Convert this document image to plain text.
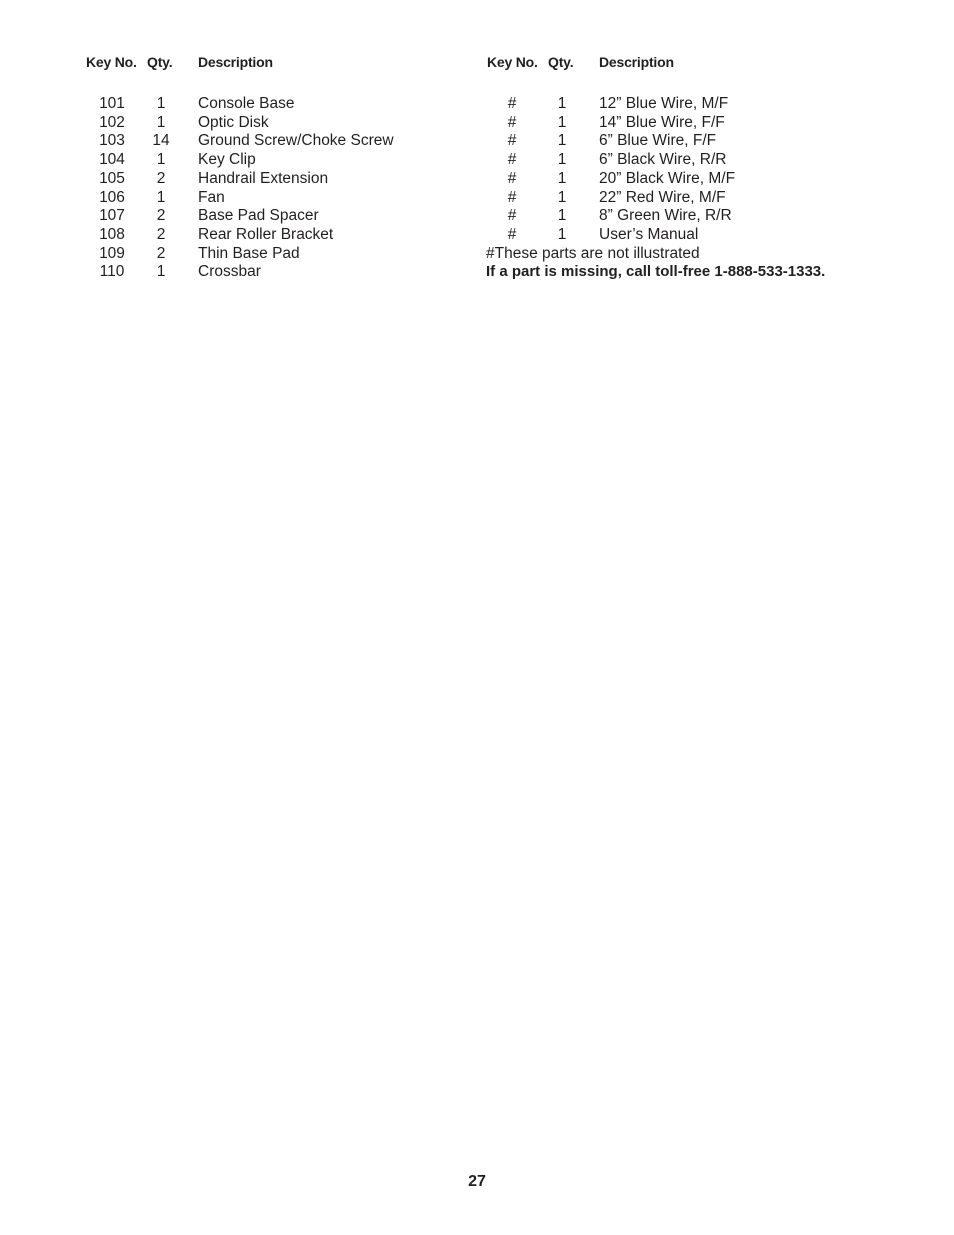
Key No. Qty. Description	Key No. Qty. Description
101	1	Console Base
102	1	Optic Disk
103	14 Ground Screw/Choke Screw
104	1	Key Clip
105	2	Handrail Extension
106	1	Fan
107	2	Base Pad Spacer
108	2	Rear Roller Bracket
109	2	Thin Base Pad
110	1	Crossbar
#	1	12” Blue Wire, M/F
#	1	14” Blue Wire, F/F
#	1	6” Blue Wire, F/F
#	1	6” Black Wire, R/R
#	1	20” Black Wire, M/F
#	1	22” Red Wire, M/F
#	1	8” Green Wire, R/R
#	1	User’s Manual
#These parts are not illustrated
If a part is missing, call toll-free 1-888-533-1333.
27
